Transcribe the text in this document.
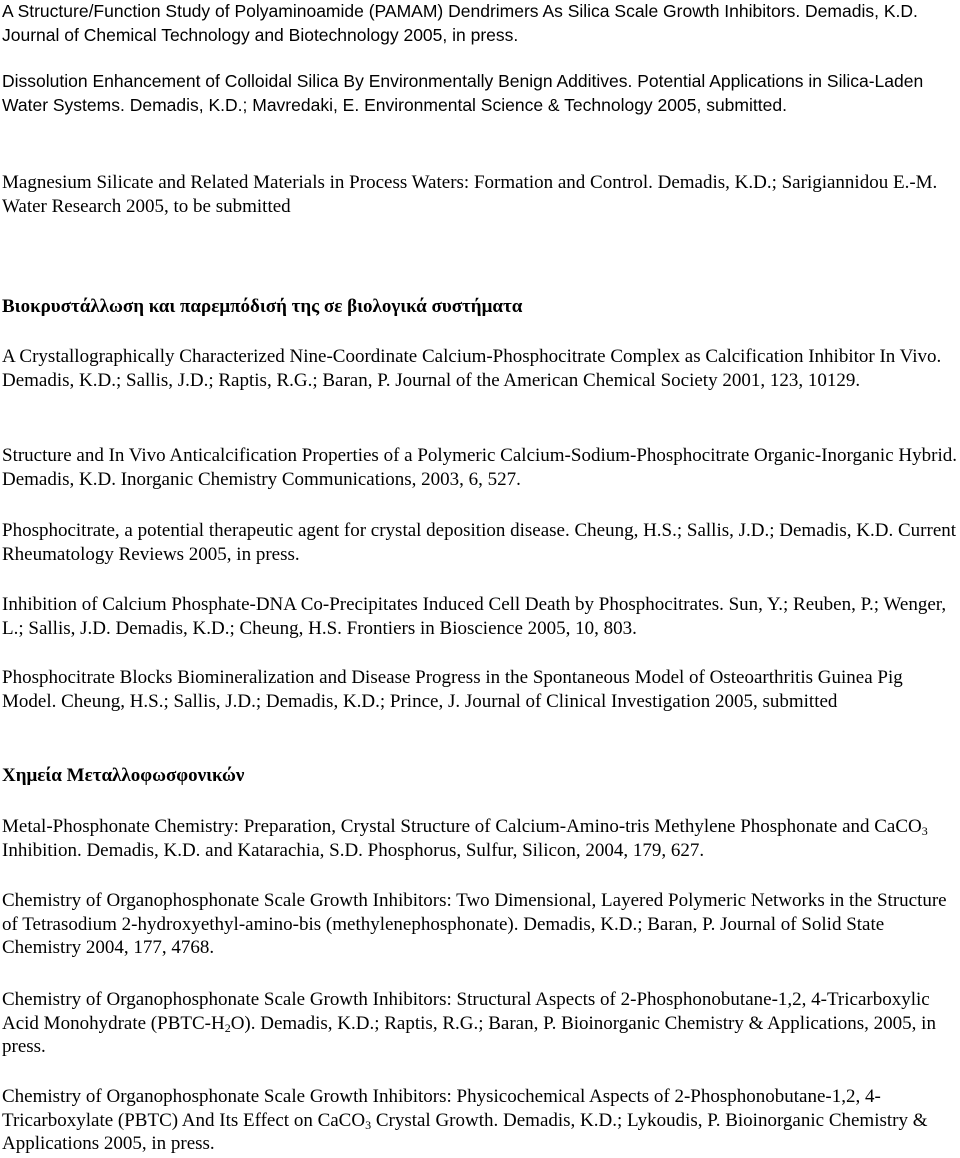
A Structure/Function Study of Polyaminoamide (PAMAM) Dendrimers As Silica Scale Growth Inhibitors. Demadis, K.D. Journal of Chemical Technology and Biotechnology 2005, in press.

Dissolution Enhancement of Colloidal Silica By Environmentally Benign Additives. Potential Applications in Silica-Laden Water Systems. Demadis, K.D.; Mavredaki, E. Environmental Science & Technology 2005, submitted.

Magnesium Silicate and Related Materials in Process Waters: Formation and Control. Demadis, K.D.; Sarigiannidou E.-M. Water Research 2005, to be submitted

Βιοκρυστάλλωση και παρεμπόδισή της σε βιολογικά συστήματα

A Crystallographically Characterized Nine-Coordinate Calcium-Phosphocitrate Complex as Calcification Inhibitor In Vivo. Demadis, K.D.; Sallis, J.D.; Raptis, R.G.; Baran, P. Journal of the American Chemical Society 2001, 123, 10129.

Structure and In Vivo Anticalcification Properties of a Polymeric Calcium-Sodium-Phosphocitrate Organic-Inorganic Hybrid. Demadis, K.D. Inorganic Chemistry Communications, 2003, 6, 527.

Phosphocitrate, a potential therapeutic agent for crystal deposition disease. Cheung, H.S.; Sallis, J.D.; Demadis, K.D. Current Rheumatology Reviews 2005, in press.

Inhibition of Calcium Phosphate-DNA Co-Precipitates Induced Cell Death by Phosphocitrates. Sun, Y.; Reuben, P.; Wenger, L.; Sallis, J.D. Demadis, K.D.; Cheung, H.S. Frontiers in Bioscience 2005, 10, 803.

Phosphocitrate Blocks Biomineralization and Disease Progress in the Spontaneous Model of Osteoarthritis Guinea Pig Model. Cheung, H.S.; Sallis, J.D.; Demadis, K.D.; Prince, J. Journal of Clinical Investigation 2005, submitted

Χημεία Μεταλλοφωσφονικών

Metal-Phosphonate Chemistry: Preparation, Crystal Structure of Calcium-Amino-tris Methylene Phosphonate and CaCO$_3$ Inhibition. Demadis, K.D. and Katarachia, S.D. Phosphorus, Sulfur, Silicon, 2004, 179, 627.

Chemistry of Organophosphonate Scale Growth Inhibitors: Two Dimensional, Layered Polymeric Networks in the Structure of Tetrasodium 2-hydroxyethyl-amino-bis (methylenephosphonate). Demadis, K.D.; Baran, P. Journal of Solid State Chemistry 2004, 177, 4768.

Chemistry of Organophosphonate Scale Growth Inhibitors: Structural Aspects of 2-Phosphonobutane-1,2, 4-Tricarboxylic Acid Monohydrate $(PBTC-H_2O)$. Demadis, K.D.; Raptis, R.G.; Baran, P. Bioinorganic Chemistry & Applications, 2005, in press.

Chemistry of Organophosphonate Scale Growth Inhibitors: Physicochemical Aspects of 2-Phosphonobutane-1,2, 4-Tricarboxylate (PBTC) And Its Effect on CaCO$_3$ Crystal Growth. Demadis, K.D.; Lykoudis, P. Bioinorganic Chemistry & Applications 2005, in press.
